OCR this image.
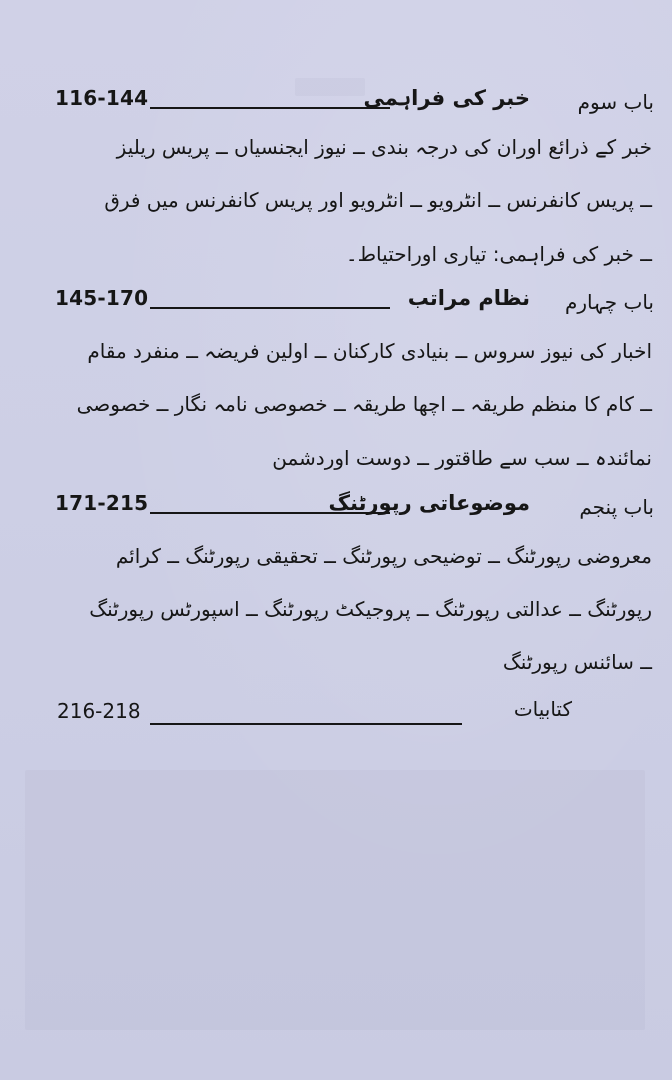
باب سوم
116-144	خبر کی فراہمی
خبر کے ذرائع اوران کی درجہ بندی ــ نیوز ایجنسیاں ــ پریس ریلیز
ــ پریس کانفرنس ــ انٹرویو ــ انٹرویو اور پریس کانفرنس میں فرق
ــ خبر کی فراہمی: تیاری اوراحتیاط۔
باب چہارم
145-170	نظام مراتب
اخبار کی نیوز سروس ــ بنیادی کارکنان ــ اولین فریضہ ــ منفرد مقام
ــ کام کا منظم طریقہ ــ اچھا طریقہ ــ خصوصی نامہ نگار ــ خصوصی
نمائندہ ــ سب سے طاقتور ــ دوست اوردشمن
باب پنجم
171-215	موضوعاتی رپورٹنگ
معروضی رپورٹنگ ــ توضیحی رپورٹنگ ــ تحقیقی رپورٹنگ ــ کرائم
رپورٹنگ ــ عدالتی رپورٹنگ ــ پروجیکٹ رپورٹنگ ــ اسپورٹس رپورٹنگ
ــ سائنس رپورٹنگ
216-218	کتابیات
